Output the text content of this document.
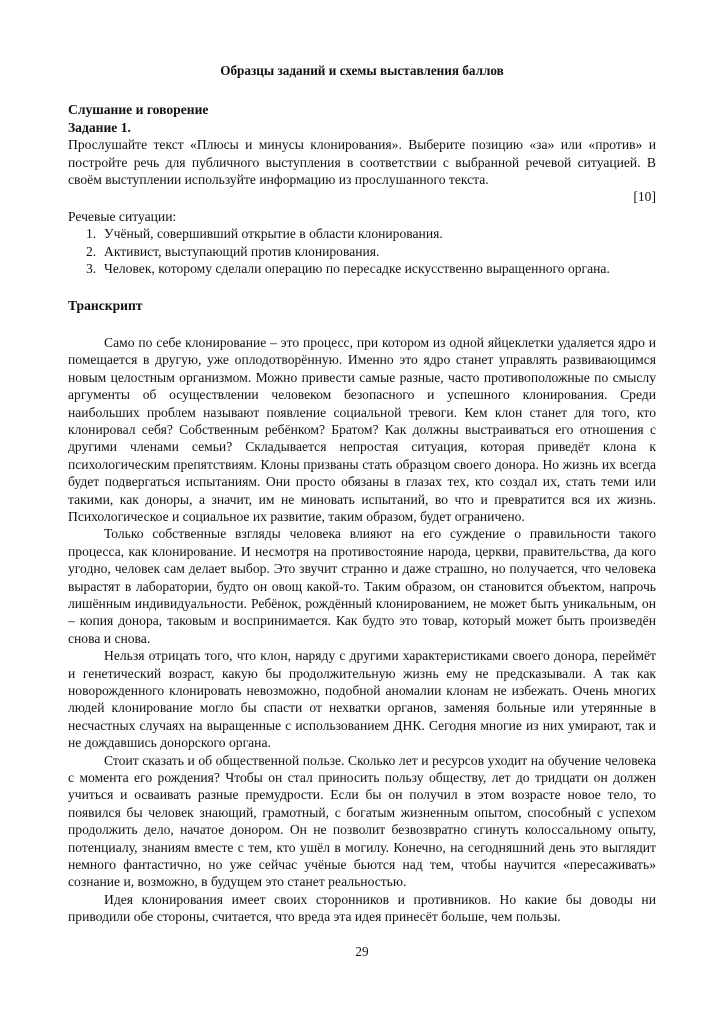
Образцы заданий и схемы выставления баллов

Слушание и говорение

Задание 1.

Прослушайте текст «Плюсы и минусы клонирования». Выберите позицию «за» или «против» и постройте речь для публичного выступления в соответствии с выбранной речевой ситуацией. В своём выступлении используйте информацию из прослушанного текста.

[10]

Речевые ситуации:

1. Учёный, совершивший открытие в области клонирования.
2. Активист, выступающий против клонирования.
3. Человек, которому сделали операцию по пересадке искусственно выращенного органа.

Транскрипт

Само по себе клонирование – это процесс, при котором из одной яйцеклетки удаляется ядро и помещается в другую, уже оплодотворённую. Именно это ядро станет управлять развивающимся новым целостным организмом. Можно привести самые разные, часто противоположные по смыслу аргументы об осуществлении человеком безопасного и успешного клонирования. Среди наибольших проблем называют появление социальной тревоги. Кем клон станет для того, кто клонировал себя? Собственным ребёнком? Братом? Как должны выстраиваться его отношения с другими членами семьи? Складывается непростая ситуация, которая приведёт клона к психологическим препятствиям. Клоны призваны стать образцом своего донора. Но жизнь их всегда будет подвергаться испытаниям. Они просто обязаны в глазах тех, кто создал их, стать теми или такими, как доноры, а значит, им не миновать испытаний, во что и превратится вся их жизнь. Психологическое и социальное их развитие, таким образом, будет ограничено.

Только собственные взгляды человека влияют на его суждение о правильности такого процесса, как клонирование. И несмотря на противостояние народа, церкви, правительства, да кого угодно, человек сам делает выбор. Это звучит странно и даже страшно, но получается, что человека вырастят в лаборатории, будто он овощ какой-то. Таким образом, он становится объектом, напрочь лишённым индивидуальности. Ребёнок, рождённый клонированием, не может быть уникальным, он – копия донора, таковым и воспринимается. Как будто это товар, который может быть произведён снова и снова.

Нельзя отрицать того, что клон, наряду с другими характеристиками своего донора, перейм​ёт и генетический возраст, какую бы продолжительную жизнь ему не предсказывали. А так как новорожденного клонировать невозможно, подобной аномалии клонам не избежать. Очень многих людей клонирование могло бы спасти от нехватки органов, заменяя больные или утерянные в несчастных случаях на выращенные с использованием ДНК. Сегодня многие из них умирают, так и не дождавшись донорского органа.

Стоит сказать и об общественной пользе. Сколько лет и ресурсов уходит на обучение человека с момента его рождения? Чтобы он стал приносить пользу обществу, лет до тридцати он должен учиться и осваивать разные премудрости. Если бы он получил в этом возрасте новое тело, то появился бы человек знающий, грамотный, с богатым жизненным опытом, способный с успехом продолжить дело, начатое донором. Он не позволит безвозвратно сгинуть колоссальному опыту, потенциалу, знаниям вместе с тем, кто ушёл в могилу. Конечно, на сегодняшний день это выглядит немного фантастично, но уже сейчас учёные бьются над тем, чтобы научится «пересаживать» сознание и, возможно, в будущем это станет реальностью.

Идея клонирования имеет своих сторонников и противников. Но какие бы доводы ни приводили обе стороны, считается, что вреда эта идея принесёт больше, чем пользы.

29
